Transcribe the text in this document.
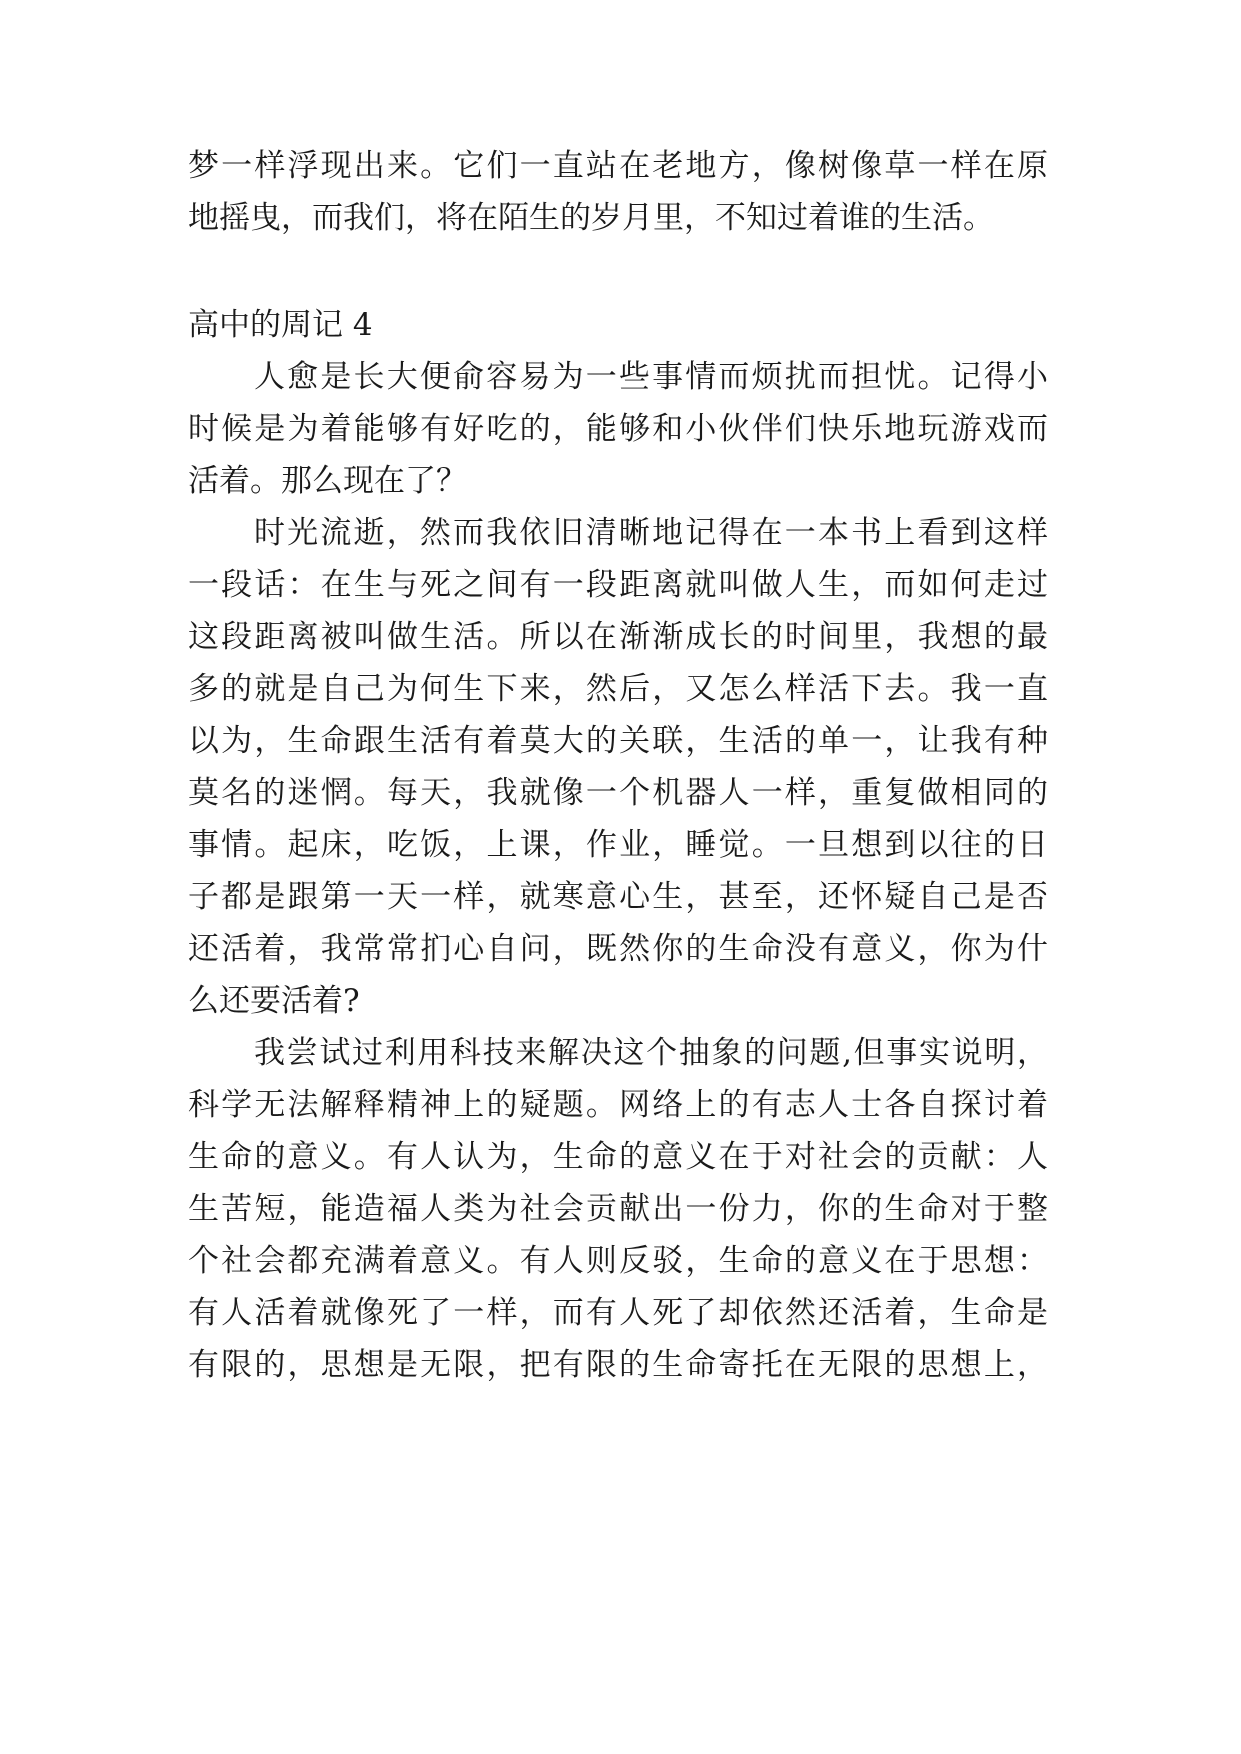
梦一样浮现出来。它们一直站在老地方，像树像草一样在原
地摇曳，而我们，将在陌生的岁月里，不知过着谁的生活。
高中的周记 4
人愈是长大便俞容易为一些事情而烦扰而担忧。记得小
时候是为着能够有好吃的，能够和小伙伴们快乐地玩游戏而
活着。那么现在了？
时光流逝，然而我依旧清晰地记得在一本书上看到这样
一段话：在生与死之间有一段距离就叫做人生，而如何走过
这段距离被叫做生活。所以在渐渐成长的时间里，我想的最
多的就是自己为何生下来，然后，又怎么样活下去。我一直
以为，生命跟生活有着莫大的关联，生活的单一，让我有种
莫名的迷惘。每天，我就像一个机器人一样，重复做相同的
事情。起床，吃饭，上课，作业，睡觉。一旦想到以往的日
子都是跟第一天一样，就寒意心生，甚至，还怀疑自己是否
还活着，我常常扪心自问，既然你的生命没有意义，你为什
么还要活着?
我尝试过利用科技来解决这个抽象的问题,但事实说明，
科学无法解释精神上的疑题。网络上的有志人士各自探讨着
生命的意义。有人认为，生命的意义在于对社会的贡献：人
生苦短，能造福人类为社会贡献出一份力，你的生命对于整
个社会都充满着意义。有人则反驳，生命的意义在于思想：
有人活着就像死了一样，而有人死了却依然还活着，生命是
有限的，思想是无限，把有限的生命寄托在无限的思想上，
